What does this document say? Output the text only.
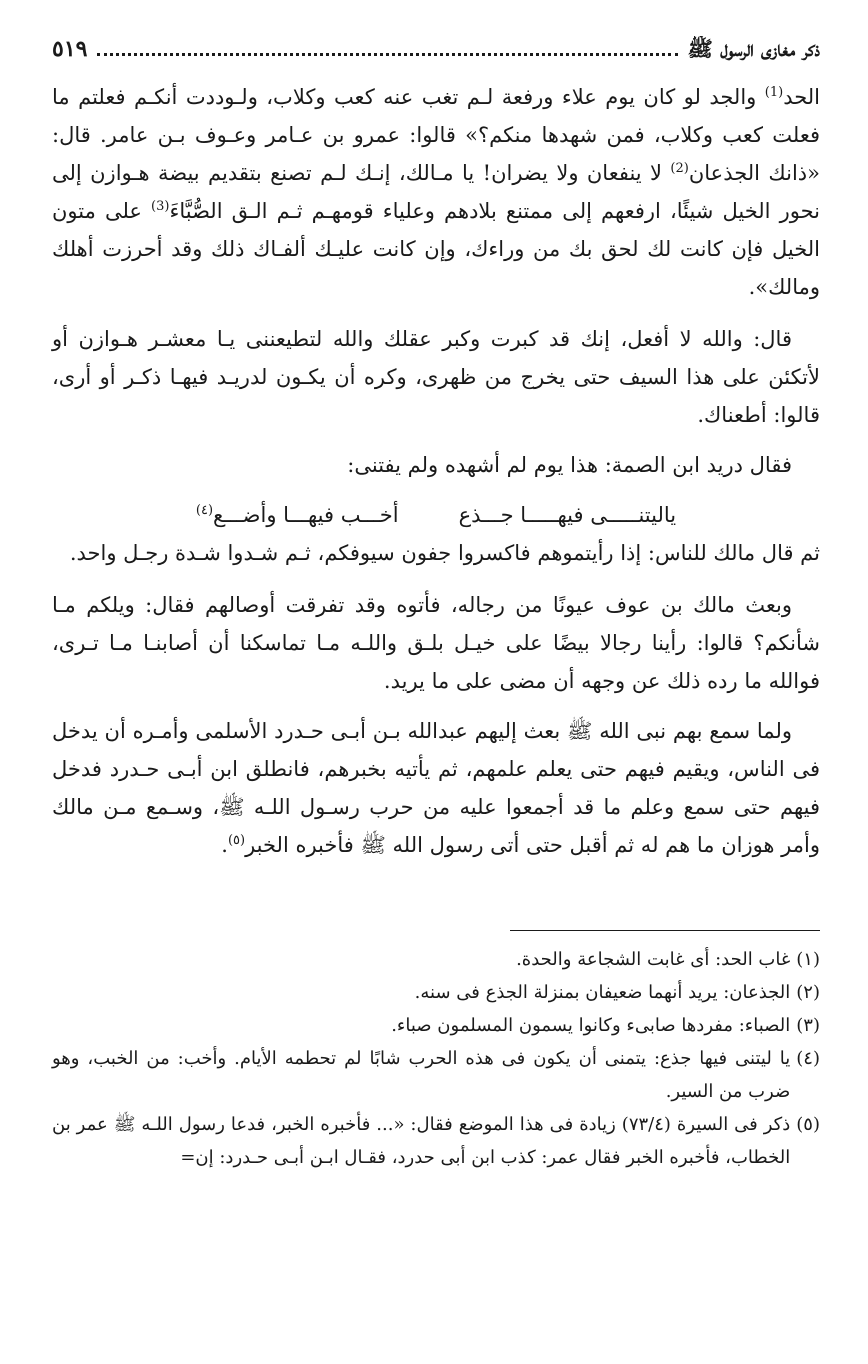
ذكر مغازى الرسول ﷺ
٥١٩

الحد$^{(1)}$ والجد لو كان يوم علاء ورفعة لـم تغب عنه كعب وكلاب، ولـوددت أنكـم فعلتم ما فعلت كعب وكلاب، فمن شهدها منكم؟» قالوا: عمرو بن عـامر وعـوف بـن عامر. قال: «ذانك الجذعان$^{(2)}$ لا ينفعان ولا يضران! يا مـالك، إنـك لـم تصنع بتقديم بيضة هـوازن إلى نحور الخيل شيئًا، ارفعهم إلى ممتنع بلادهم وعلياء قومهـم ثـم الـق الصُّبَّاءَ$^{(3)}$ على متون الخيل فإن كانت لك لحق بك من وراءك، وإن كانت عليـك ألفـاك ذلك وقد أحرزت أهلك ومالك».

قال: والله لا أفعل، إنك قد كبرت وكبر عقلك والله لتطيعننى يـا معشـر هـوازن أو لأتكئن على هذا السيف حتى يخرج من ظهرى، وكره أن يكـون لدريـد فيهـا ذكـر أو أرى، قالوا: أطعناك.

فقال دريد ابن الصمة: هذا يوم لم أشهده ولم يفتنى:

ياليتنـــــى فيهـــــا جـــذع
أخـــب فيهـــا وأضـــع$^{(٤)}$

ثم قال مالك للناس: إذا رأيتموهم فاكسروا جفون سيوفكم، ثـم شـدوا شـدة رجـل واحد.

وبعث مالك بن عوف عيونًا من رجاله، فأتوه وقد تفرقت أوصالهم فقال: ويلكم مـا شأنكم؟ قالوا: رأينا رجالا بيضًا على خيـل بلـق واللـه مـا تماسكنا أن أصابنـا مـا تـرى، فوالله ما رده ذلك عن وجهه أن مضى على ما يريد.

ولما سمع بهم نبى الله ﷺ بعث إليهم عبدالله بـن أبـى حـدرد الأسلمى وأمـره أن يدخل فى الناس، ويقيم فيهم حتى يعلم علمهم، ثم يأتيه بخبرهم، فانطلق ابن أبـى حـدرد فدخل فيهم حتى سمع وعلم ما قد أجمعوا عليه من حرب رسـول اللـه ﷺ، وسـمع مـن مالك وأمر هوزان ما هم له ثم أقبل حتى أتى رسول الله ﷺ فأخبره الخبر$^{(٥)}$.

(١)
غاب الحد: أى غابت الشجاعة والحدة.
(٢)
الجذعان: يريد أنهما ضعيفان بمنزلة الجذع فى سنه.
(٣)
الصباء: مفردها صابىء وكانوا يسمون المسلمون صباء.
(٤)
يا ليتنى فيها جذع: يتمنى أن يكون فى هذه الحرب شابًا لم تحطمه الأيام. وأخب: من الخبب، وهو ضرب من السير.
(٥)
ذكر فى السيرة (٧٣/٤) زيادة فى هذا الموضع فقال: «... فأخبره الخبر، فدعا رسول اللـه ﷺ عمر بن الخطاب، فأخبره الخبر فقال عمر: كذب ابن أبى حدرد، فقـال ابـن أبـى حـدرد: إن=
